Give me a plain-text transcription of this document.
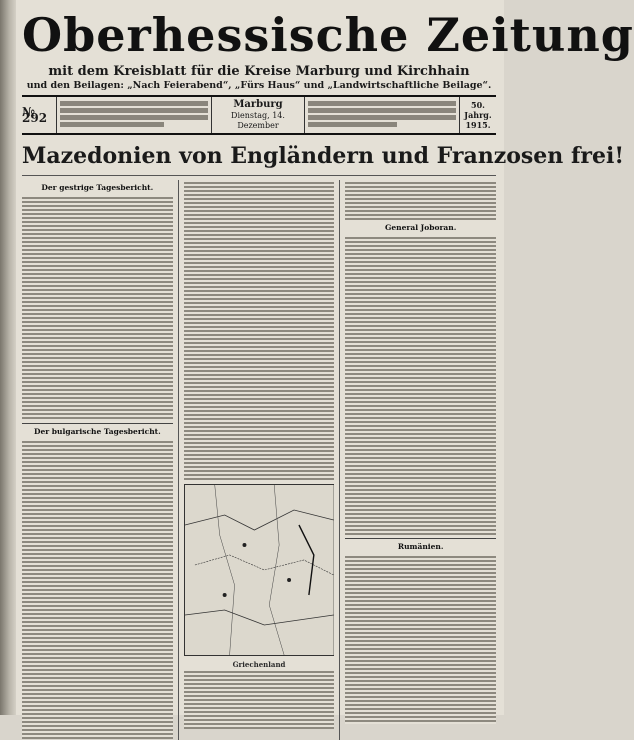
Oberhessische Zeitung
mit dem Kreisblatt für die Kreise Marburg und Kirchhain
und den Beilagen: „Nach Feierabend“, „Fürs Haus“ und „Landwirtschaftliche Beilage“.
№ 292
Marburg
Dienstag, 14. Dezember
50. Jahrg.
1915.
Mazedonien von Engländern und Franzosen frei!
Der gestrige Tagesbericht.
Der bulgarische Tagesbericht.
Griechenland
General Joboran.
Rumänien.
